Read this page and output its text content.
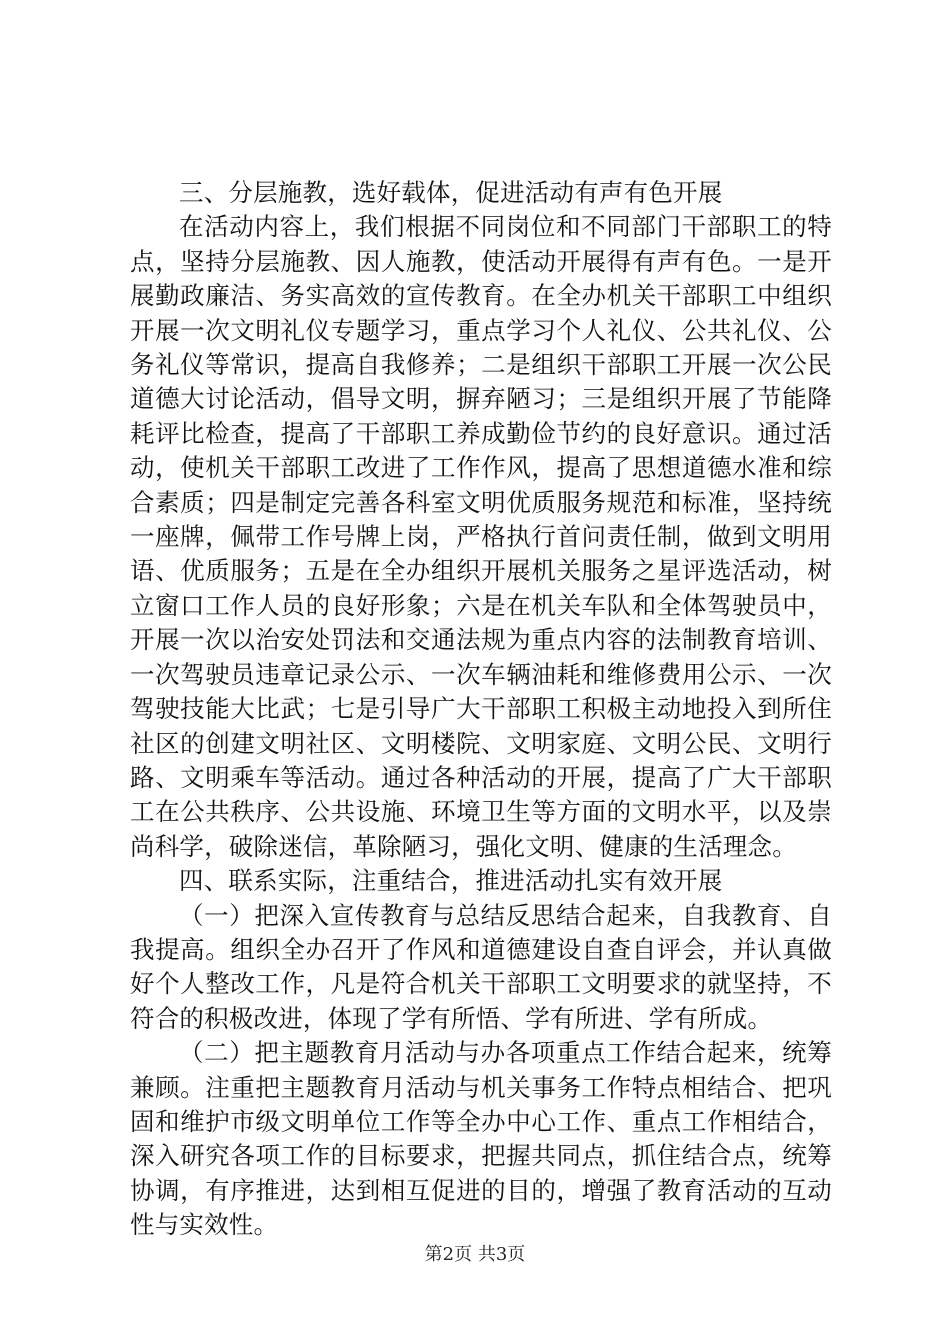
三、分层施教，选好载体，促进活动有声有色开展

在活动内容上，我们根据不同岗位和不同部门干部职工的特点，坚持分层施教、因人施教，使活动开展得有声有色。一是开展勤政廉洁、务实高效的宣传教育。在全办机关干部职工中组织开展一次文明礼仪专题学习，重点学习个人礼仪、公共礼仪、公务礼仪等常识，提高自我修养；二是组织干部职工开展一次公民道德大讨论活动，倡导文明，摒弃陋习；三是组织开展了节能降耗评比检查，提高了干部职工养成勤俭节约的良好意识。通过活动，使机关干部职工改进了工作作风，提高了思想道德水准和综合素质；四是制定完善各科室文明优质服务规范和标准，坚持统一座牌，佩带工作号牌上岗，严格执行首问责任制，做到文明用语、优质服务；五是在全办组织开展机关服务之星评选活动，树立窗口工作人员的良好形象；六是在机关车队和全体驾驶员中，开展一次以治安处罚法和交通法规为重点内容的法制教育培训、一次驾驶员违章记录公示、一次车辆油耗和维修费用公示、一次驾驶技能大比武；七是引导广大干部职工积极主动地投入到所住社区的创建文明社区、文明楼院、文明家庭、文明公民、文明行路、文明乘车等活动。通过各种活动的开展，提高了广大干部职工在公共秩序、公共设施、环境卫生等方面的文明水平，以及崇尚科学，破除迷信，革除陋习，强化文明、健康的生活理念。

四、联系实际，注重结合，推进活动扎实有效开展

（一）把深入宣传教育与总结反思结合起来，自我教育、自我提高。组织全办召开了作风和道德建设自查自评会，并认真做好个人整改工作，凡是符合机关干部职工文明要求的就坚持，不符合的积极改进，体现了学有所悟、学有所进、学有所成。

（二）把主题教育月活动与办各项重点工作结合起来，统筹兼顾。注重把主题教育月活动与机关事务工作特点相结合、把巩固和维护市级文明单位工作等全办中心工作、重点工作相结合，深入研究各项工作的目标要求，把握共同点，抓住结合点，统筹协调，有序推进，达到相互促进的目的，增强了教育活动的互动性与实效性。

第2页 共3页
